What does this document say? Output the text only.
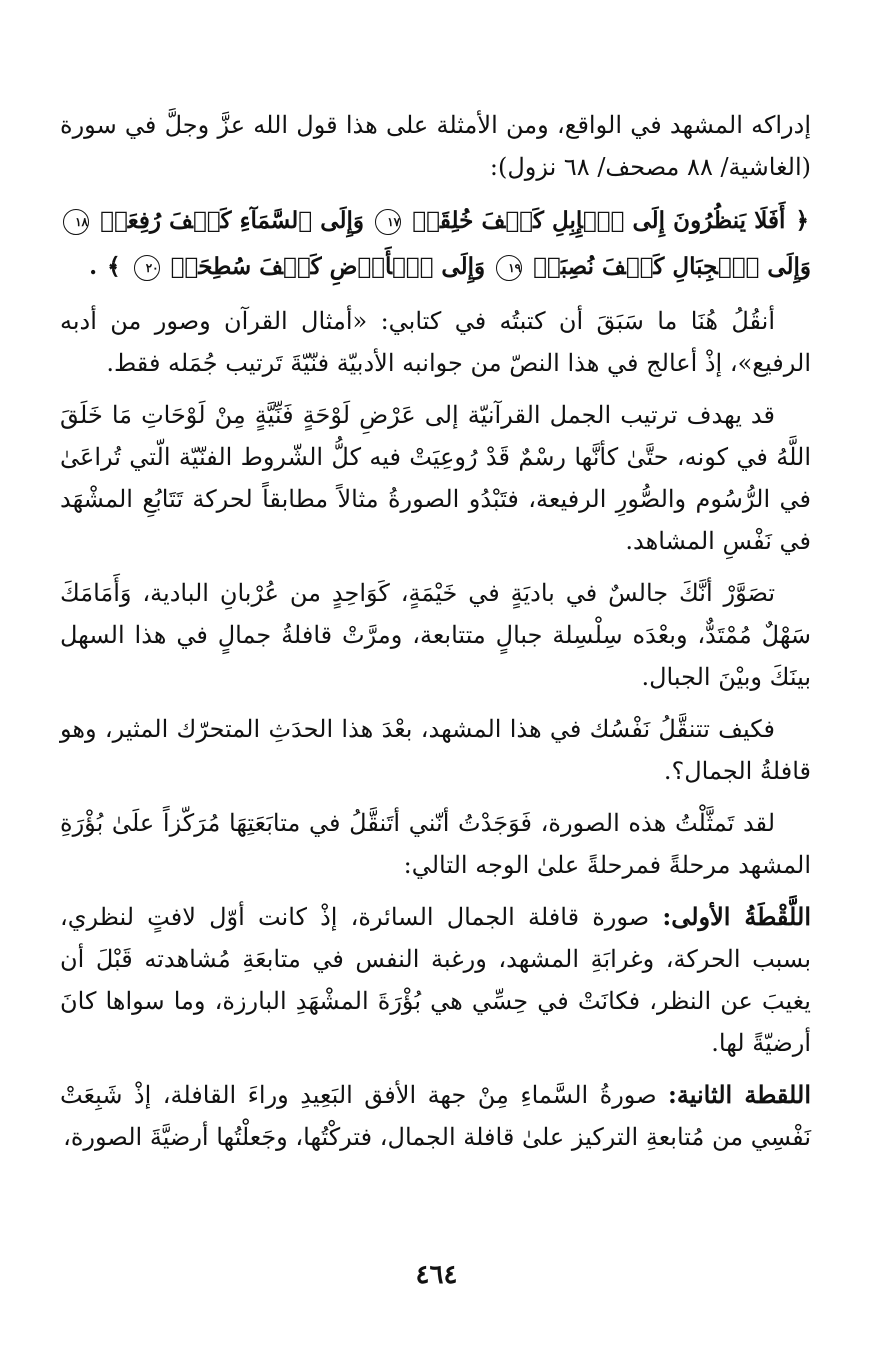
إدراكه المشهد في الواقع، ومن الأمثلة على هذا قول الله عزَّ وجلَّ في سورة (الغاشية/ ٨٨ مصحف/ ٦٨ نزول):

﴿ أَفَلَا يَنظُرُونَ إِلَى ٱلۡإِبِلِ كَيۡفَ خُلِقَتۡ ١٧ وَإِلَى ٱلسَّمَآءِ كَيۡفَ رُفِعَتۡ ١٨ وَإِلَى ٱلۡجِبَالِ كَيۡفَ نُصِبَتۡ ١٩ وَإِلَى ٱلۡأَرۡضِ كَيۡفَ سُطِحَتۡ ٢٠ ﴾ .

أنقُلُ هُنَا ما سَبَقَ أن كتبتُه في كتابي: «أمثال القرآن وصور من أدبه الرفيع»، إذْ أعالج في هذا النصّ من جوانبه الأدبيّة فنّيّةَ تَرتيب جُمَله فقط.

قد يهدف ترتيب الجمل القرآنيّة إلى عَرْضِ لَوْحَةٍ فَنِّيَّةٍ مِنْ لَوْحَاتِ مَا خَلَقَ اللَّهُ في كونه، حتَّىٰ كأنَّها رسْمٌ قَدْ رُوعِيَتْ فيه كلُّ الشّروط الفنّيّة الّتي تُراعَىٰ في الرُّسُوم والصُّورِ الرفيعة، فتَبْدُو الصورةُ مثالاً مطابقاً لحركة تَتَابُعِ المشْهَد في نَفْسِ المشاهد.

تصَوَّرْ أنَّكَ جالسٌ في باديَةٍ في خَيْمَةٍ، كَوَاحِدٍ من عُرْبانِ البادية، وَأَمَامَكَ سَهْلٌ مُمْتَدٌّ، وبعْدَه سِلْسِلة جبالٍ متتابعة، ومرَّتْ قافلةُ جمالٍ في هذا السهل بينَكَ وبيْنَ الجبال.

فكيف تتنقَّلُ نَفْسُك في هذا المشهد، بعْدَ هذا الحدَثِ المتحرّك المثير، وهو قافلةُ الجمال؟.

لقد تَمثَّلْتُ هذه الصورة، فَوَجَدْتُ أنّني أتَنقَّلُ في متابَعَتِهَا مُرَكّزاً علَىٰ بُؤْرَةِ المشهد مرحلةً فمرحلةً علىٰ الوجه التالي:

اللَّقْطَةُ الأولى: صورة قافلة الجمال السائرة، إذْ كانت أوّل لافتٍ لنظري، بسبب الحركة، وغرابَةِ المشهد، ورغبة النفس في متابعَةِ مُشاهدته قَبْلَ أن يغيبَ عن النظر، فكانَتْ في حِسِّي هي بُؤْرَةَ المشْهَدِ البارزة، وما سواها كانَ أرضيّةً لها.

اللقطة الثانية: صورةُ السَّماءِ مِنْ جهة الأفق البَعِيدِ وراءَ القافلة، إذْ شَبِعَتْ نَفْسِي من مُتابعةِ التركيز علىٰ قافلة الجمال، فتركْتُها، وجَعلْتُها أرضيَّةَ الصورة،

٤٦٤
